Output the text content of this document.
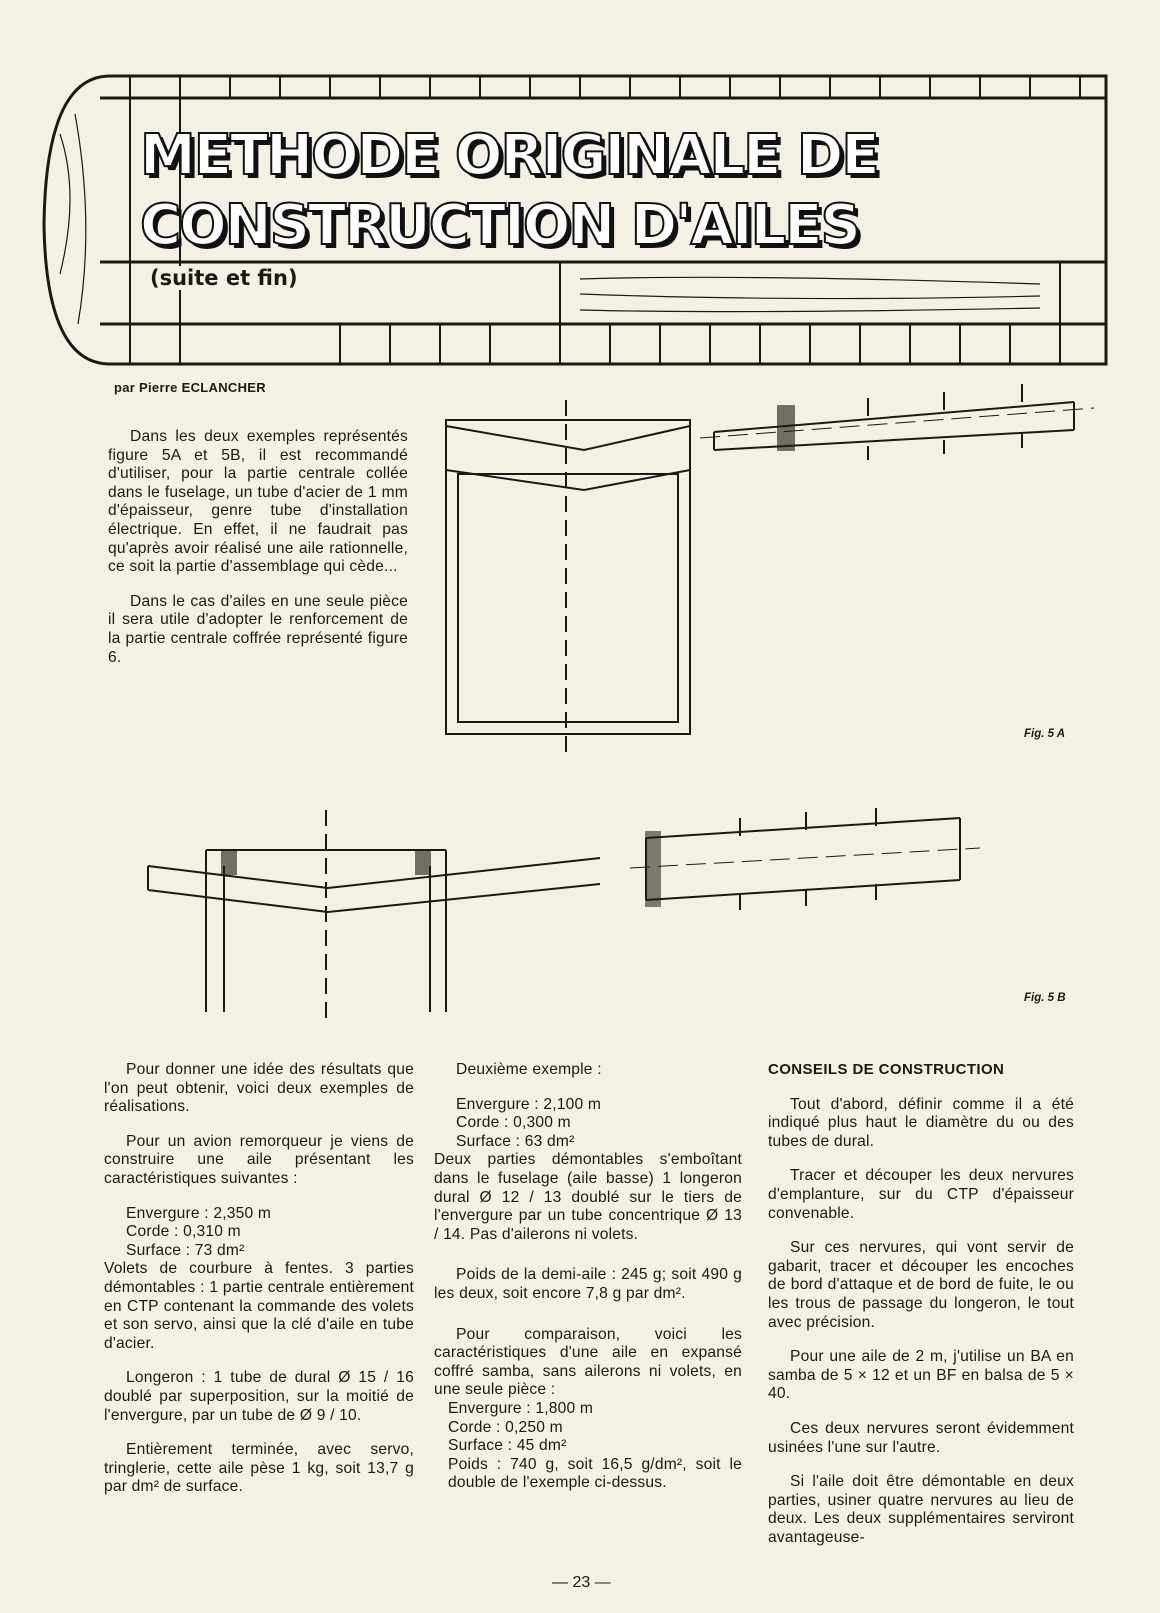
METHODE ORIGINALE DE
CONSTRUCTION D'AILES

(suite et fin)

par Pierre ECLANCHER

Dans les deux exemples représentés figure 5A et 5B, il est recommandé d'utiliser, pour la partie centrale collée dans le fuselage, un tube d'acier de 1 mm d'épaisseur, genre tube d'installation électrique. En effet, il ne faudrait pas qu'après avoir réalisé une aile rationnelle, ce soit la partie d'assemblage qui cède...

Dans le cas d'ailes en une seule pièce il sera utile d'adopter le renforcement de la partie centrale coffrée représenté figure 6.

Fig. 5 A
Fig. 5 B

Pour donner une idée des résultats que l'on peut obtenir, voici deux exemples de réalisations.

Pour un avion remorqueur je viens de construire une aile présentant les caractéristiques suivantes :

Envergure : 2,350 m
Corde : 0,310 m
Surface : 73 dm²

Volets de courbure à fentes. 3 parties démontables : 1 partie centrale entièrement en CTP contenant la commande des volets et son servo, ainsi que la clé d'aile en tube d'acier.

Longeron : 1 tube de dural Ø 15 / 16 doublé par superposition, sur la moitié de l'envergure, par un tube de Ø 9 / 10.

Entièrement terminée, avec servo, tringlerie, cette aile pèse 1 kg, soit 13,7 g par dm² de surface.

Deuxième exemple :

Envergure : 2,100 m
Corde : 0,300 m
Surface : 63 dm²

Deux parties démontables s'emboîtant dans le fuselage (aile basse) 1 longeron dural Ø 12 / 13 doublé sur le tiers de l'envergure par un tube concentrique Ø 13 / 14. Pas d'ailerons ni volets.

Poids de la demi-aile : 245 g; soit 490 g les deux, soit encore 7,8 g par dm².

Pour comparaison, voici les caractéristiques d'une aile en expansé coffré samba, sans ailerons ni volets, en une seule pièce :

Envergure : 1,800 m
Corde : 0,250 m
Surface : 45 dm²

Poids : 740 g, soit 16,5 g/dm², soit le double de l'exemple ci-dessus.

CONSEILS DE CONSTRUCTION

Tout d'abord, définir comme il a été indiqué plus haut le diamètre du ou des tubes de dural.

Tracer et découper les deux nervures d'emplanture, sur du CTP d'épaisseur convenable.

Sur ces nervures, qui vont servir de gabarit, tracer et découper les encoches de bord d'attaque et de bord de fuite, le ou les trous de passage du longeron, le tout avec précision.

Pour une aile de 2 m, j'utilise un BA en samba de 5 × 12 et un BF en balsa de 5 × 40.

Ces deux nervures seront évidemment usinées l'une sur l'autre.

Si l'aile doit être démontable en deux parties, usiner quatre nervures au lieu de deux. Les deux supplémentaires serviront avantageuse-

— 23 —
